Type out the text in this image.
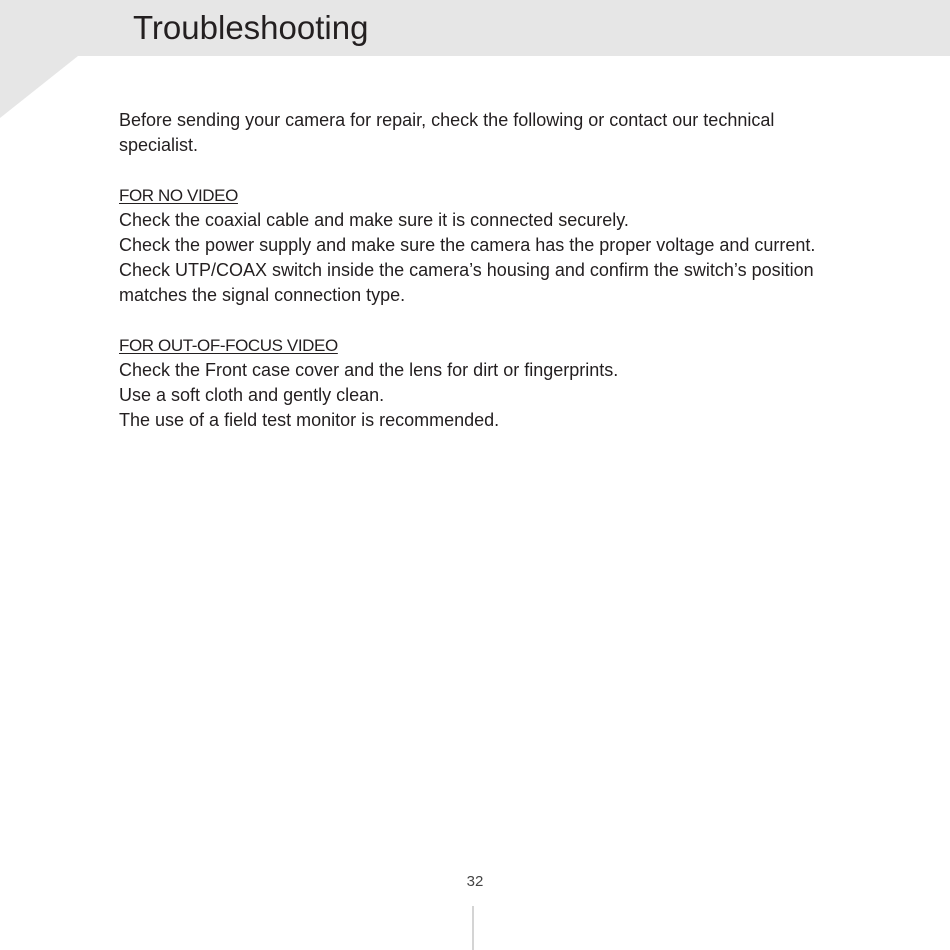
Troubleshooting

Before sending your camera for repair, check the following or contact our technical specialist.

FOR NO VIDEO

Check the coaxial cable and make sure it is connected securely.

Check the power supply and make sure the camera has the proper voltage and current. Check UTP/COAX switch inside the camera’s housing and confirm the switch’s position matches the signal connection type.

FOR OUT-OF-FOCUS VIDEO

Check the Front case cover and the lens for dirt or fingerprints.

Use a soft cloth and gently clean.

The use of a field test monitor is recommended.

32
